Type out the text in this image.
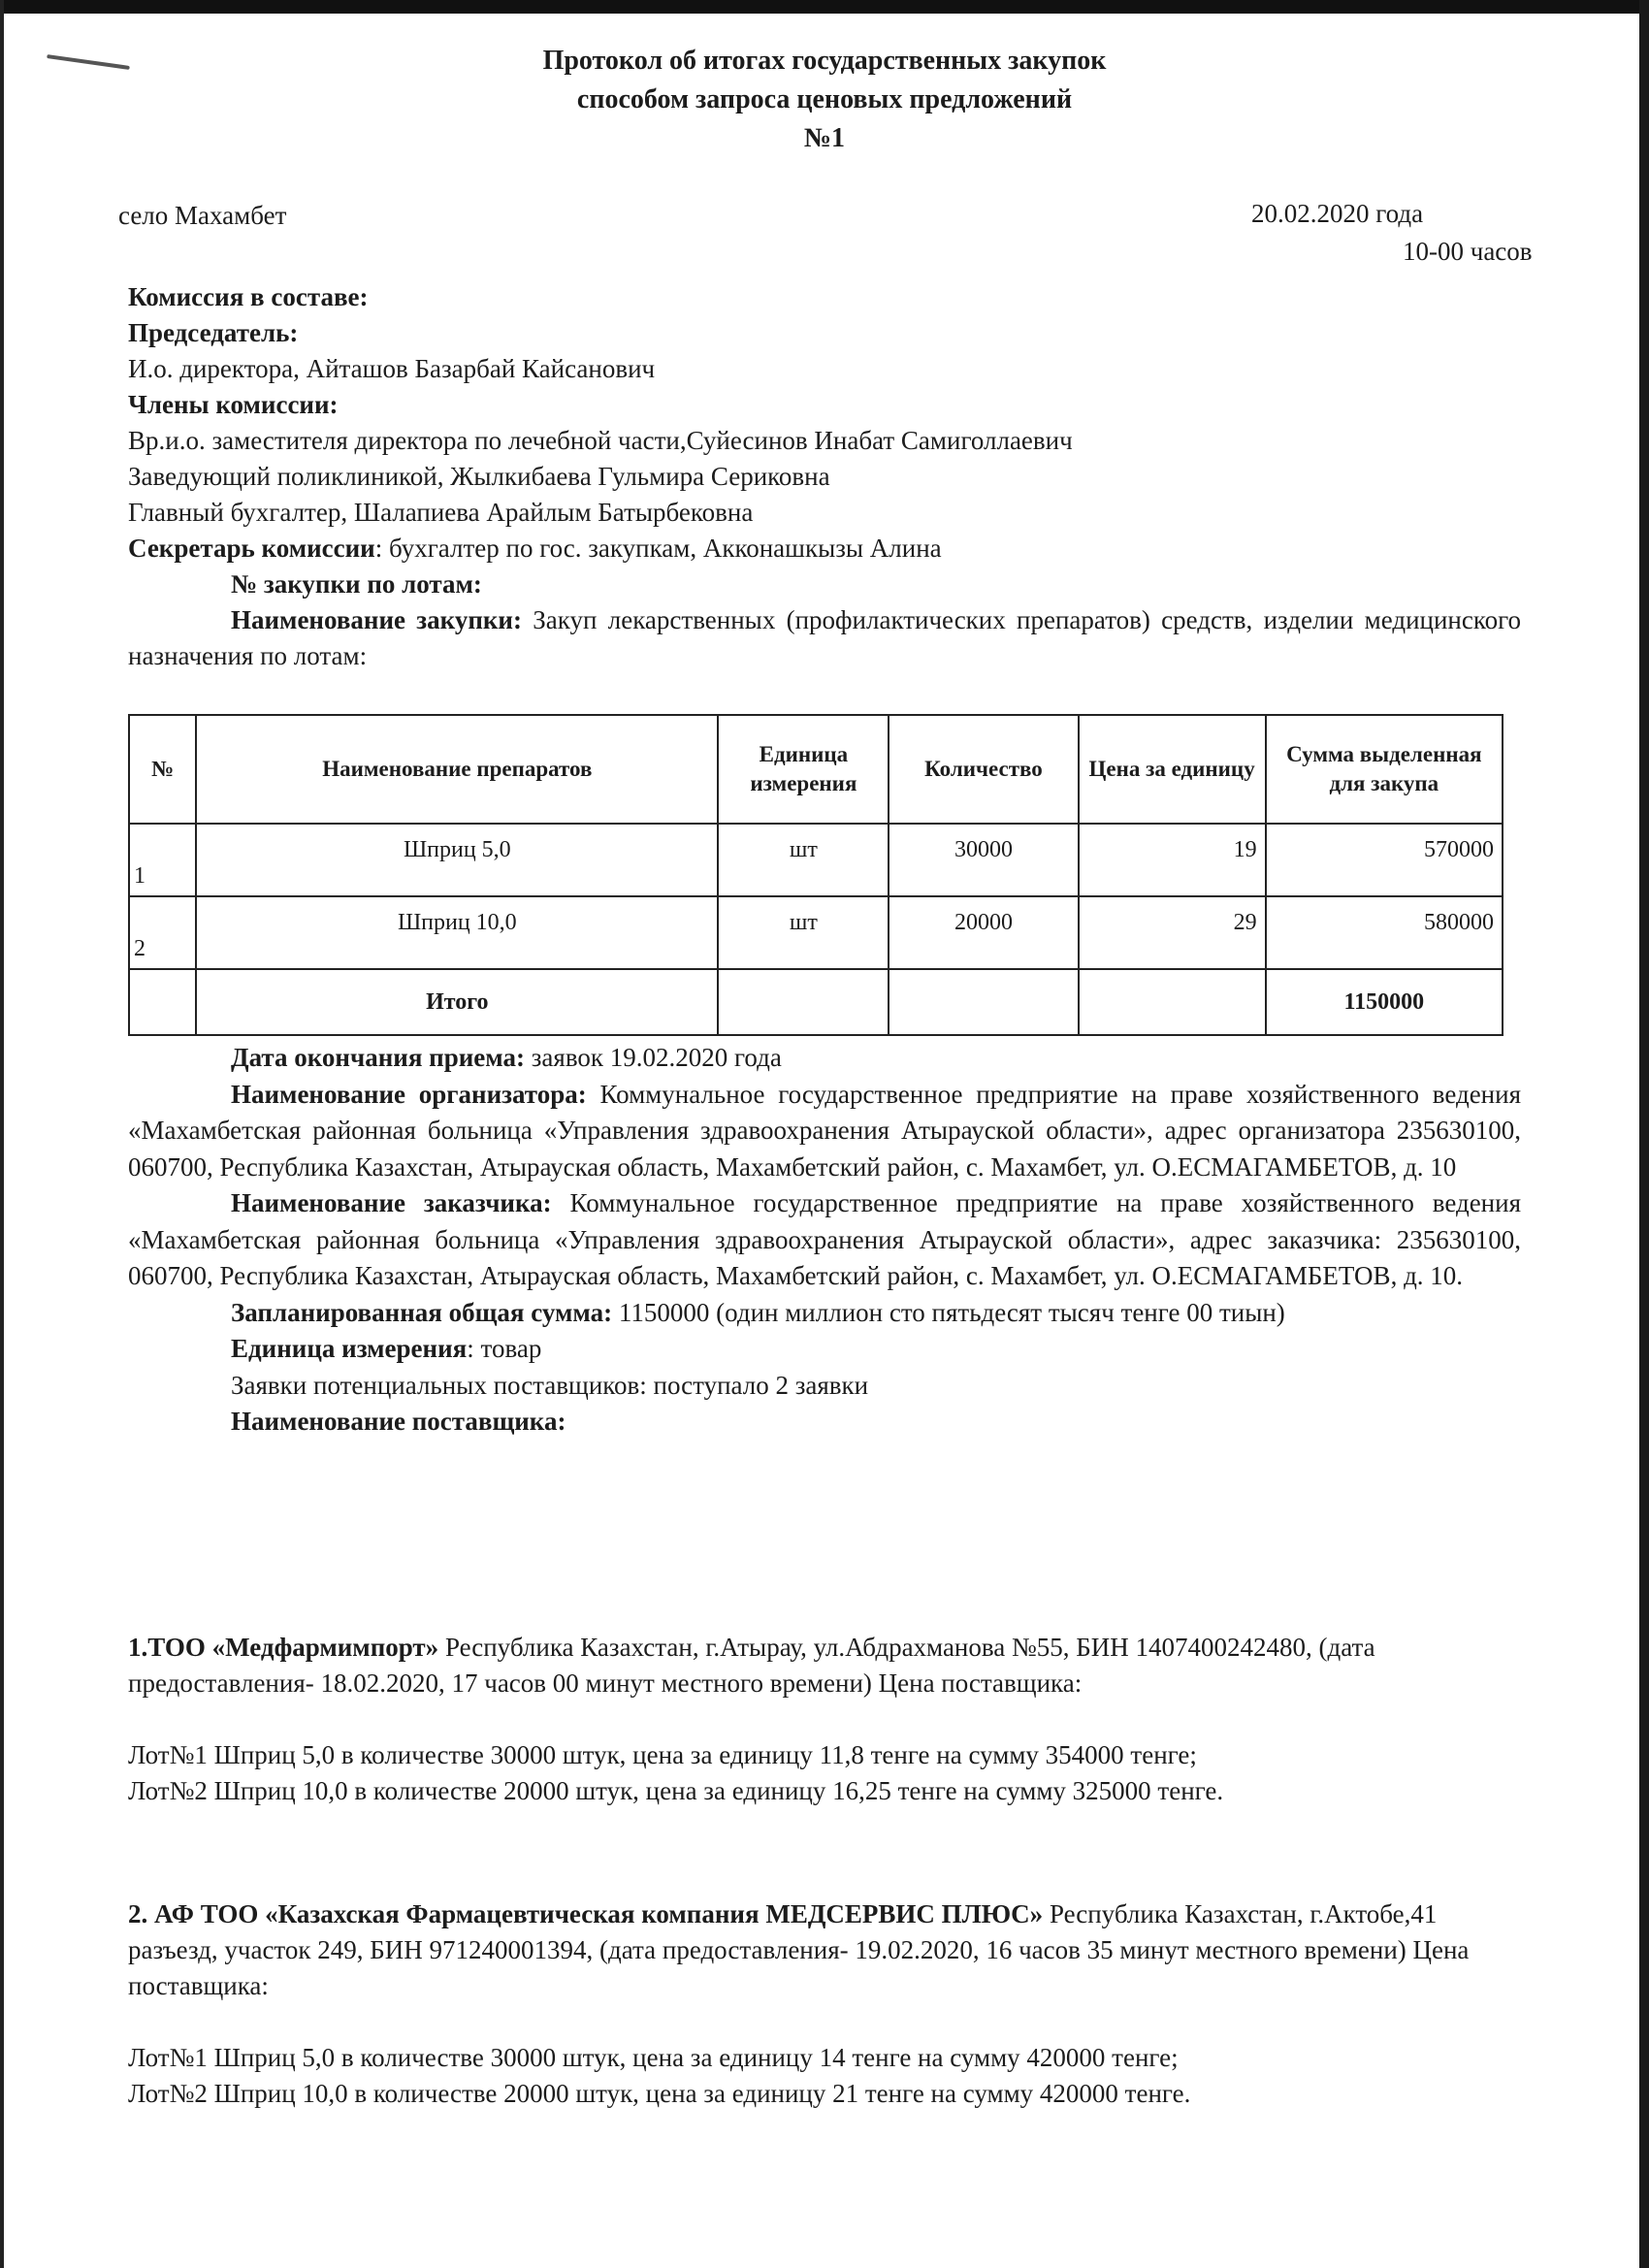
Протокол об итогах государственных закупок
способом запроса ценовых предложений
№1
село Махамбет	20.02.2020 года
10-00 часов
Комиссия в составе:
Председатель:
И.о. директора, Айташов Базарбай Кайсанович
Члены комиссии:
Вр.и.о. заместителя директора по лечебной части,Суйесинов Инабат Самиголлаевич
Заведующий поликлиникой, Жылкибаева Гульмира Сериковна
Главный бухгалтер, Шалапиева Арайлым Батырбековна
Секретарь комиссии: бухгалтер по гос. закупкам, Акконашкызы Алина
№ закупки по лотам:
Наименование закупки: Закуп лекарственных (профилактических препаратов) средств, изделии медицинского назначения по лотам:
№	Наименование препаратов	Единица измерения	Количество	Цена за единицу	Сумма выделенная для закупа
1	Шприц 5,0	шт	30000	19	570000
2	Шприц 10,0	шт	20000	29	580000
	Итого				1150000
Дата окончания приема: заявок 19.02.2020 года
Наименование организатора: Коммунальное государственное предприятие на праве хозяйственного ведения «Махамбетская районная больница «Управления здравоохранения Атырауской области», адрес организатора 235630100, 060700, Республика Казахстан, Атырауская область, Махамбетский район, с. Махамбет, ул. О.ЕСМАГАМБЕТОВ, д. 10
Наименование заказчика: Коммунальное государственное предприятие на праве хозяйственного ведения «Махамбетская районная больница «Управления здравоохранения Атырауской области», адрес заказчика: 235630100, 060700, Республика Казахстан, Атырауская область, Махамбетский район, с. Махамбет, ул. О.ЕСМАГАМБЕТОВ, д. 10.
Запланированная общая сумма: 1150000 (один миллион сто пятьдесят тысяч тенге 00 тиын)
Единица измерения: товар
Заявки потенциальных поставщиков: поступало 2 заявки
Наименование поставщика:
1.ТОО «Медфармимпорт» Республика Казахстан, г.Атырау, ул.Абдрахманова №55, БИН 1407400242480, (дата предоставления- 18.02.2020, 17 часов 00 минут местного времени) Цена поставщика:
Лот№1 Шприц 5,0 в количестве 30000 штук, цена за единицу 11,8 тенге на сумму 354000 тенге;
Лот№2 Шприц 10,0 в количестве 20000 штук, цена за единицу 16,25 тенге на сумму 325000 тенге.
2. АФ ТОО «Казахская Фармацевтическая компания МЕДСЕРВИС ПЛЮС» Республика Казахстан, г.Актобе,41 разъезд, участок 249, БИН 971240001394, (дата предоставления- 19.02.2020, 16 часов 35 минут местного времени) Цена поставщика:
Лот№1 Шприц 5,0 в количестве 30000 штук, цена за единицу 14 тенге на сумму 420000 тенге;
Лот№2 Шприц 10,0 в количестве 20000 штук, цена за единицу 21 тенге на сумму 420000 тенге.
